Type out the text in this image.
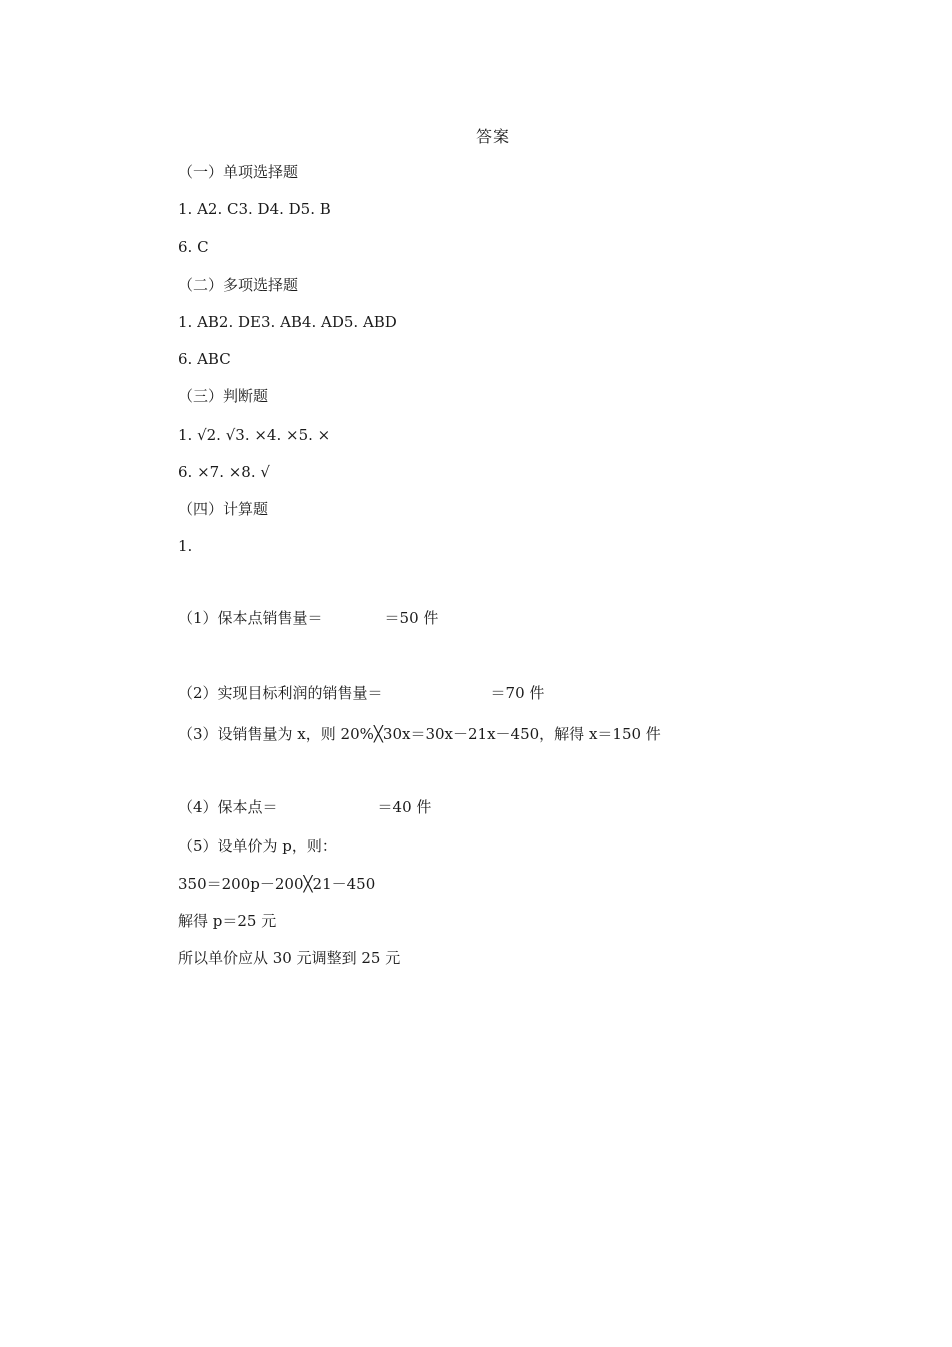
答案
（一）单项选择题
1. A2. C3. D4. D5. B
6. C
（二）多项选择题
1. AB2. DE3. AB4. AD5. ABD
6. ABC
（三）判断题
1. √2. √3. ×4. ×5. ×
6. ×7. ×8. √
（四）计算题
1.
（1）保本点销售量＝	＝50 件
（2）实现目标利润的销售量＝	＝70 件
（3）设销售量为 x，则 20%╳30x＝30x－21x－450，解得 x＝150 件
（4）保本点＝	＝40 件
（5）设单价为 p，则：
350＝200p－200╳21－450
解得 p＝25 元
所以单价应从 30 元调整到 25 元
